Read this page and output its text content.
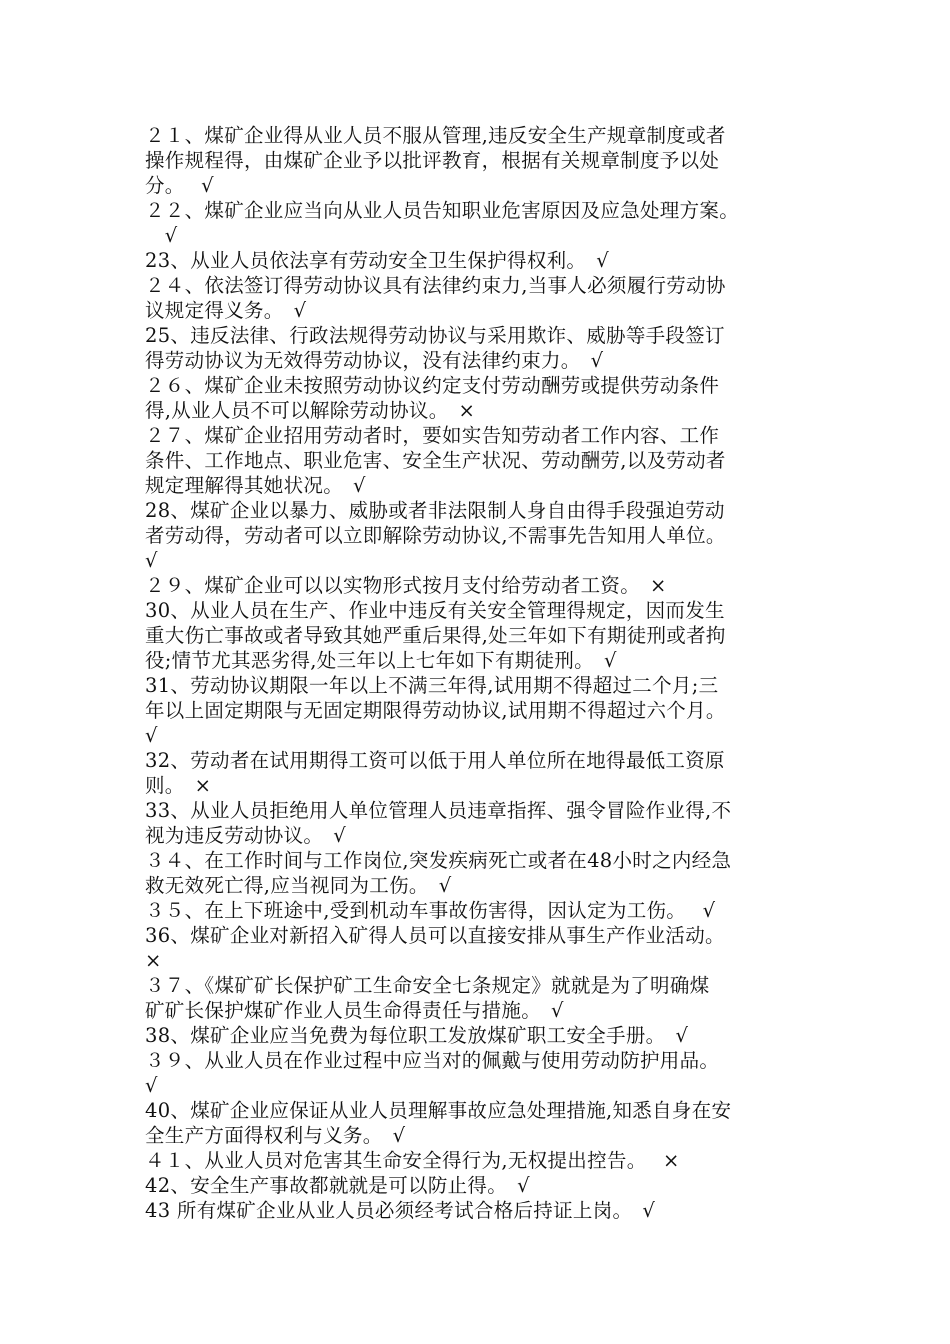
２１、煤矿企业得从业人员不服从管理,违反安全生产规章制度或者
操作规程得，由煤矿企业予以批评教育，根据有关规章制度予以处
分。　 √
２２、煤矿企业应当向从业人员告知职业危害原因及应急处理方案。
　√
23、从业人员依法享有劳动安全卫生保护得权利。　√
２４、依法签订得劳动协议具有法律约束力,当事人必须履行劳动协
议规定得义务。　√
25、违反法律、行政法规得劳动协议与采用欺诈、威胁等手段签订
得劳动协议为无效得劳动协议，没有法律约束力。　√
２６、煤矿企业未按照劳动协议约定支付劳动酬劳或提供劳动条件
得,从业人员不可以解除劳动协议。　×
２７、煤矿企业招用劳动者时，要如实告知劳动者工作内容、工作
条件、工作地点、职业危害、安全生产状况、劳动酬劳,以及劳动者
规定理解得其她状况。　√
28、煤矿企业以暴力、威胁或者非法限制人身自由得手段强迫劳动
者劳动得，劳动者可以立即解除劳动协议,不需事先告知用人单位。
√
２９、煤矿企业可以以实物形式按月支付给劳动者工资。　×
30、从业人员在生产、作业中违反有关安全管理得规定，因而发生
重大伤亡事故或者导致其她严重后果得,处三年如下有期徒刑或者拘
役;情节尤其恶劣得,处三年以上七年如下有期徒刑。　√
31、劳动协议期限一年以上不满三年得,试用期不得超过二个月;三
年以上固定期限与无固定期限得劳动协议,试用期不得超过六个月。
√
32、劳动者在试用期得工资可以低于用人单位所在地得最低工资原
则。　×
33、从业人员拒绝用人单位管理人员违章指挥、强令冒险作业得,不
视为违反劳动协议。　√
３４、在工作时间与工作岗位,突发疾病死亡或者在48小时之内经急
救无效死亡得,应当视同为工伤。　√
３５、在上下班途中,受到机动车事故伤害得，因认定为工伤。　 √
36、煤矿企业对新招入矿得人员可以直接安排从事生产作业活动。
×
３７、《煤矿矿长保护矿工生命安全七条规定》就就是为了明确煤
矿矿长保护煤矿作业人员生命得责任与措施。　√
38、煤矿企业应当免费为每位职工发放煤矿职工安全手册。　√
３９、从业人员在作业过程中应当对的佩戴与使用劳动防护用品。
√
40、煤矿企业应保证从业人员理解事故应急处理措施,知悉自身在安
全生产方面得权利与义务。　√
４１、从业人员对危害其生命安全得行为,无权提出控告。　 ×
42、安全生产事故都就就是可以防止得。　√
43 所有煤矿企业从业人员必须经考试合格后持证上岗。　√
